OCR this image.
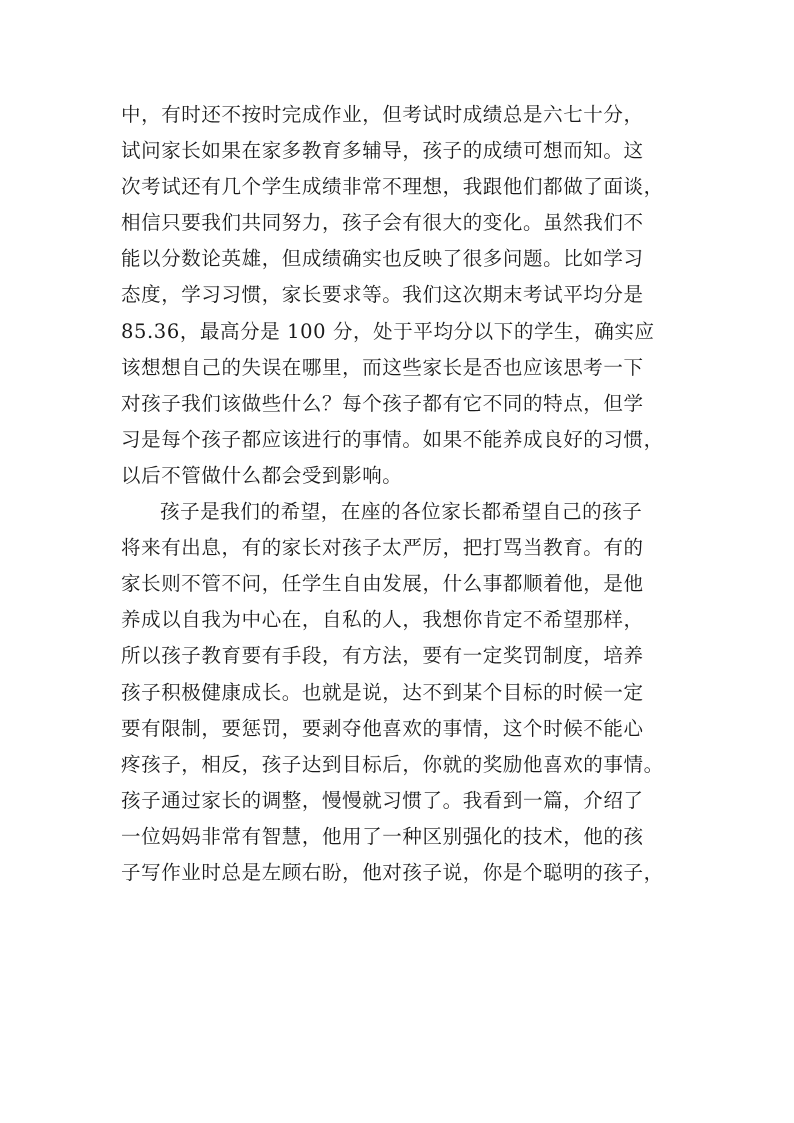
中，有时还不按时完成作业，但考试时成绩总是六七十分，
试问家长如果在家多教育多辅导，孩子的成绩可想而知。这
次考试还有几个学生成绩非常不理想，我跟他们都做了面谈，
相信只要我们共同努力，孩子会有很大的变化。虽然我们不
能以分数论英雄，但成绩确实也反映了很多问题。比如学习
态度，学习习惯，家长要求等。我们这次期末考试平均分是
85.36，最高分是 100 分，处于平均分以下的学生，确实应
该想想自己的失误在哪里，而这些家长是否也应该思考一下
对孩子我们该做些什么？每个孩子都有它不同的特点，但学
习是每个孩子都应该进行的事情。如果不能养成良好的习惯，
以后不管做什么都会受到影响。
孩子是我们的希望，在座的各位家长都希望自己的孩子
将来有出息，有的家长对孩子太严厉，把打骂当教育。有的
家长则不管不问，任学生自由发展，什么事都顺着他，是他
养成以自我为中心在，自私的人，我想你肯定不希望那样，
所以孩子教育要有手段，有方法，要有一定奖罚制度，培养
孩子积极健康成长。也就是说，达不到某个目标的时候一定
要有限制，要惩罚，要剥夺他喜欢的事情，这个时候不能心
疼孩子，相反，孩子达到目标后，你就的奖励他喜欢的事情。
孩子通过家长的调整，慢慢就习惯了。我看到一篇，介绍了
一位妈妈非常有智慧，他用了一种区别强化的技术，他的孩
子写作业时总是左顾右盼，他对孩子说，你是个聪明的孩子，
